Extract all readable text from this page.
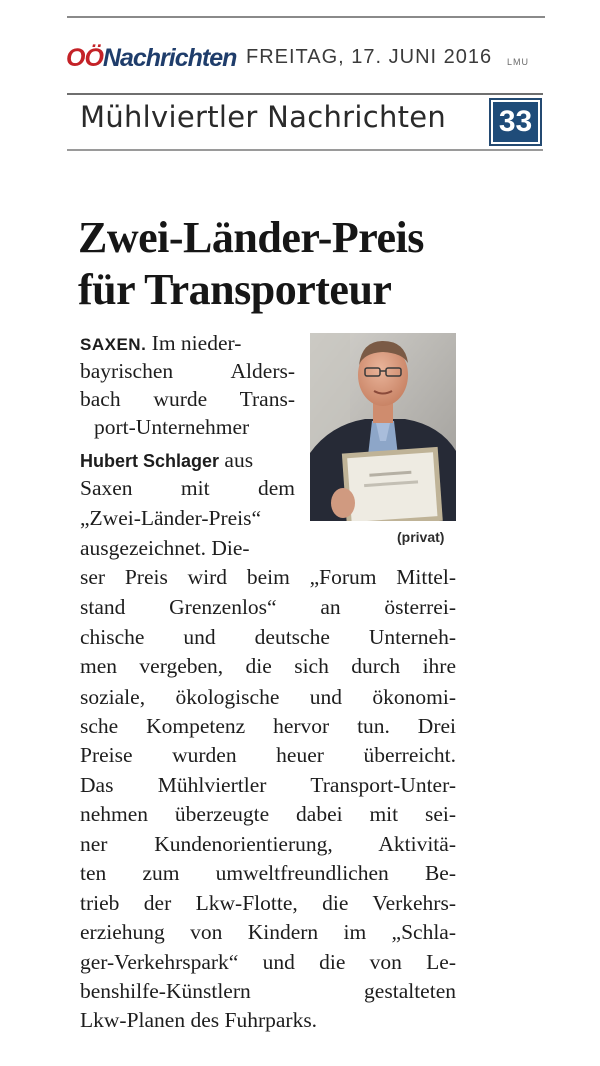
OÖNachrichten FREITAG, 17. JUNI 2016 LMU
Mühlviertler Nachrichten 33
Zwei-Länder-Preis
für Transporteur
(privat)
SAXEN. Im nieder-
bayrischen Alders-
bach wurde Trans-
port-Unternehmer
Hubert Schlager aus
Saxen mit dem
„Zwei-Länder-Preis“
ausgezeichnet. Die-
ser Preis wird beim „Forum Mittel-
stand Grenzenlos“ an österrei-
chische und deutsche Unterneh-
men vergeben, die sich durch ihre
soziale, ökologische und ökonomi-
sche Kompetenz hervor tun. Drei
Preise wurden heuer überreicht.
Das Mühlviertler Transport-Unter-
nehmen überzeugte dabei mit sei-
ner Kundenorientierung, Aktivitä-
ten zum umweltfreundlichen Be-
trieb der Lkw-Flotte, die Verkehrs-
erziehung von Kindern im „Schla-
ger-Verkehrspark“ und die von Le-
benshilfe-Künstlern gestalteten
Lkw-Planen des Fuhrparks.
